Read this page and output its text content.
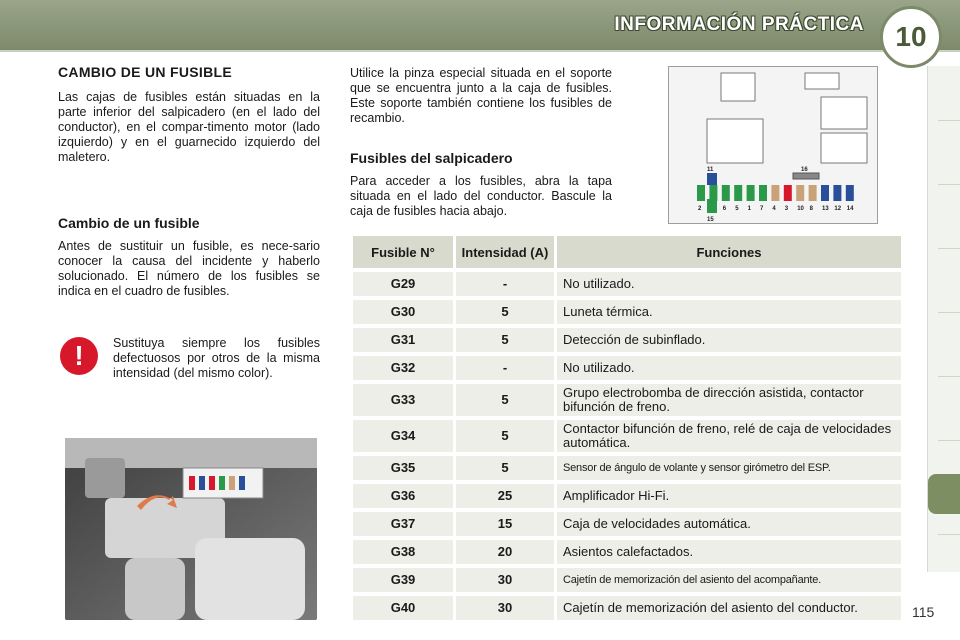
INFORMACIÓN PRÁCTICA	10
CAMBIO DE UN FUSIBLE

Las cajas de fusibles están situadas en la parte inferior del salpicadero (en el lado del conductor), en el compar-timento motor (lado izquierdo) y en el guarnecido izquierdo del maletero.

Cambio de un fusible

Antes de sustituir un fusible, es nece-sario conocer la causa del incidente y haberlo solucionado. El número de los fusibles se indica en el cuadro de fusibles.

!	Sustituya siempre los fusibles defectuosos por otros de la misma intensidad (del mismo color).

Utilice la pinza especial situada en el soporte que se encuentra junto a la caja de fusibles. Este soporte también contiene los fusibles de recambio.

Fusibles del salpicadero

Para acceder a los fusibles, abra la tapa situada en el lado del conductor. Bascule la caja de fusibles hacia abajo.

11	16
2	6 5 1 7 4 3 10 8 13 12 14
15
Fusible N°	Intensidad (A)	Funciones
G29	-	No utilizado.
G30	5	Luneta térmica.
G31	5	Detección de subinflado.
G32	-	No utilizado.
G33	5	Grupo electrobomba de dirección asistida, contactor bifunción de freno.
G34	5	Contactor bifunción de freno, relé de caja de velocidades automática.
G35	5	Sensor de ángulo de volante y sensor girómetro del ESP.
G36	25	Amplificador Hi-Fi.
G37	15	Caja de velocidades automática.
G38	20	Asientos calefactados.
G39	30	Cajetín de memorización del asiento del acompañante.
G40	30	Cajetín de memorización del asiento del conductor.	115
